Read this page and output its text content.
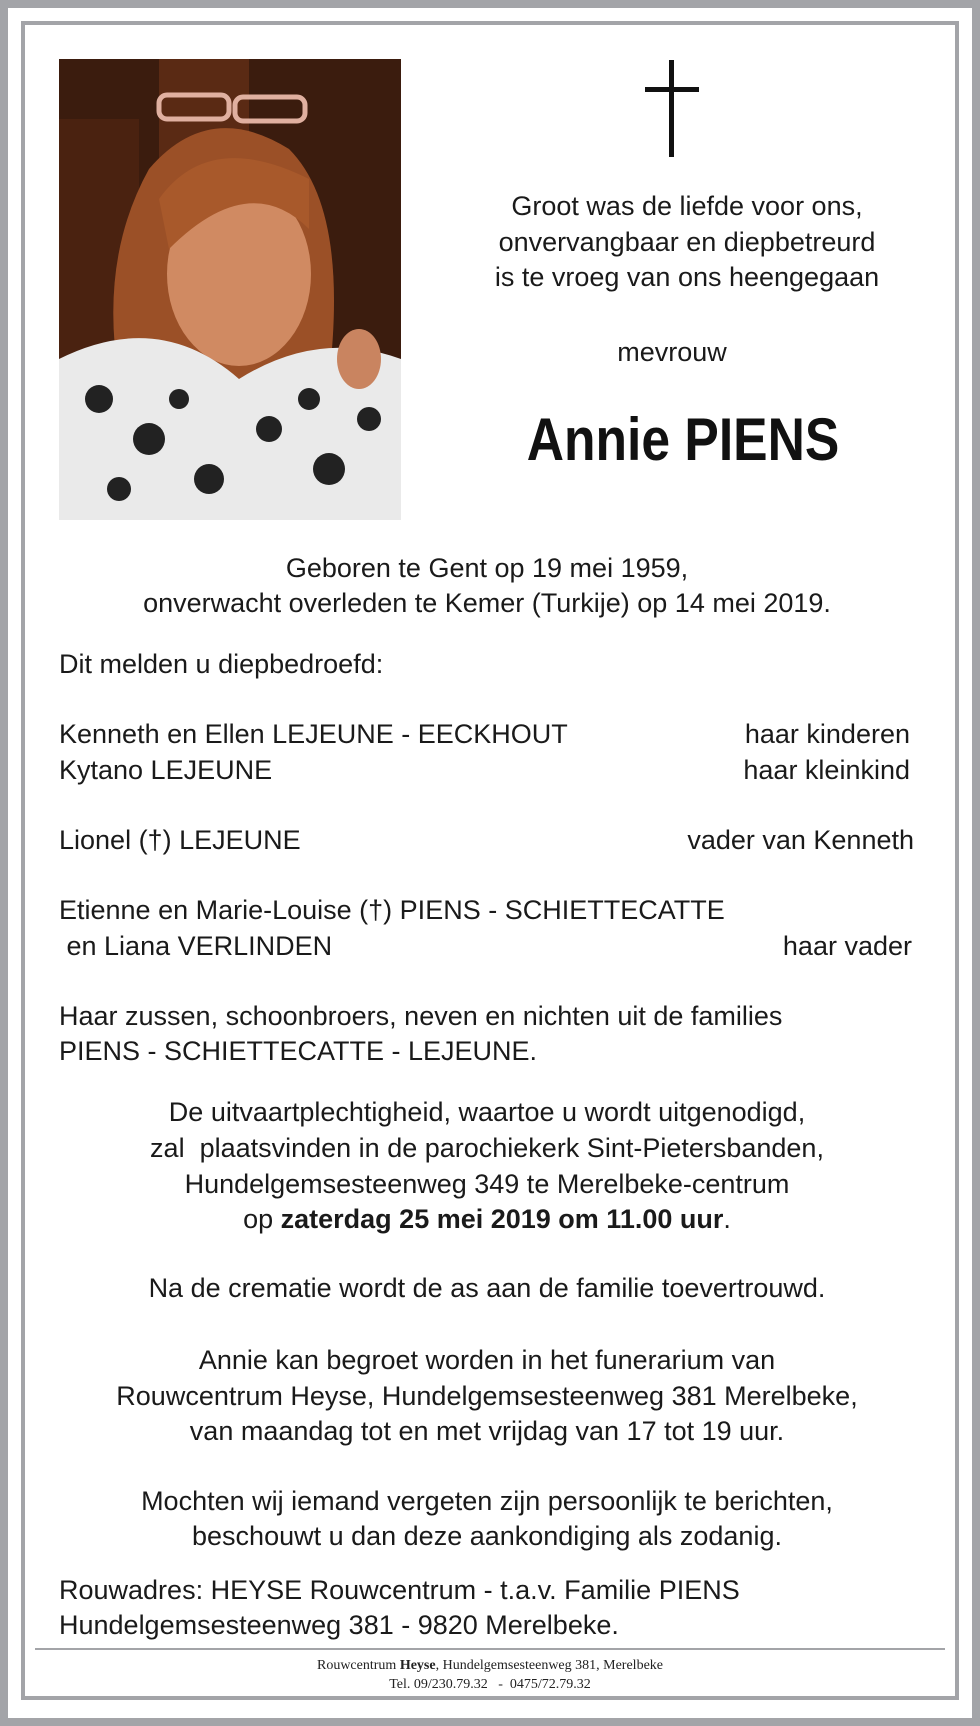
Groot was de liefde voor ons,
onvervangbaar en diepbetreurd
is te vroeg van ons heengegaan
mevrouw
Annie PIENS
Geboren te Gent op 19 mei 1959,
onverwacht overleden te Kemer (Turkije) op 14 mei 2019.
Dit melden u diepbedroefd:
Kenneth en Ellen LEJEUNE - EECKHOUT	haar kinderen
Kytano LEJEUNE	haar kleinkind
Lionel (†) LEJEUNE	vader van Kenneth
Etienne en Marie-Louise (†) PIENS - SCHIETTECATTE
en Liana VERLINDEN	haar vader
Haar zussen, schoonbroers, neven en nichten uit de families
PIENS - SCHIETTECATTE - LEJEUNE.
De uitvaartplechtigheid, waartoe u wordt uitgenodigd,
zal  plaatsvinden in de parochiekerk Sint-Pietersbanden,
Hundelgemsesteenweg 349 te Merelbeke-centrum
op zaterdag 25 mei 2019 om 11.00 uur.
Na de crematie wordt de as aan de familie toevertrouwd.
Annie kan begroet worden in het funerarium van
Rouwcentrum Heyse, Hundelgemsesteenweg 381 Merelbeke,
van maandag tot en met vrijdag van 17 tot 19 uur.
Mochten wij iemand vergeten zijn persoonlijk te berichten,
beschouwt u dan deze aankondiging als zodanig.
Rouwadres: HEYSE Rouwcentrum - t.a.v. Familie PIENS
Hundelgemsesteenweg 381 - 9820 Merelbeke.
Rouwcentrum Heyse, Hundelgemsesteenweg 381, Merelbeke
Tel. 09/230.79.32   -  0475/72.79.32
